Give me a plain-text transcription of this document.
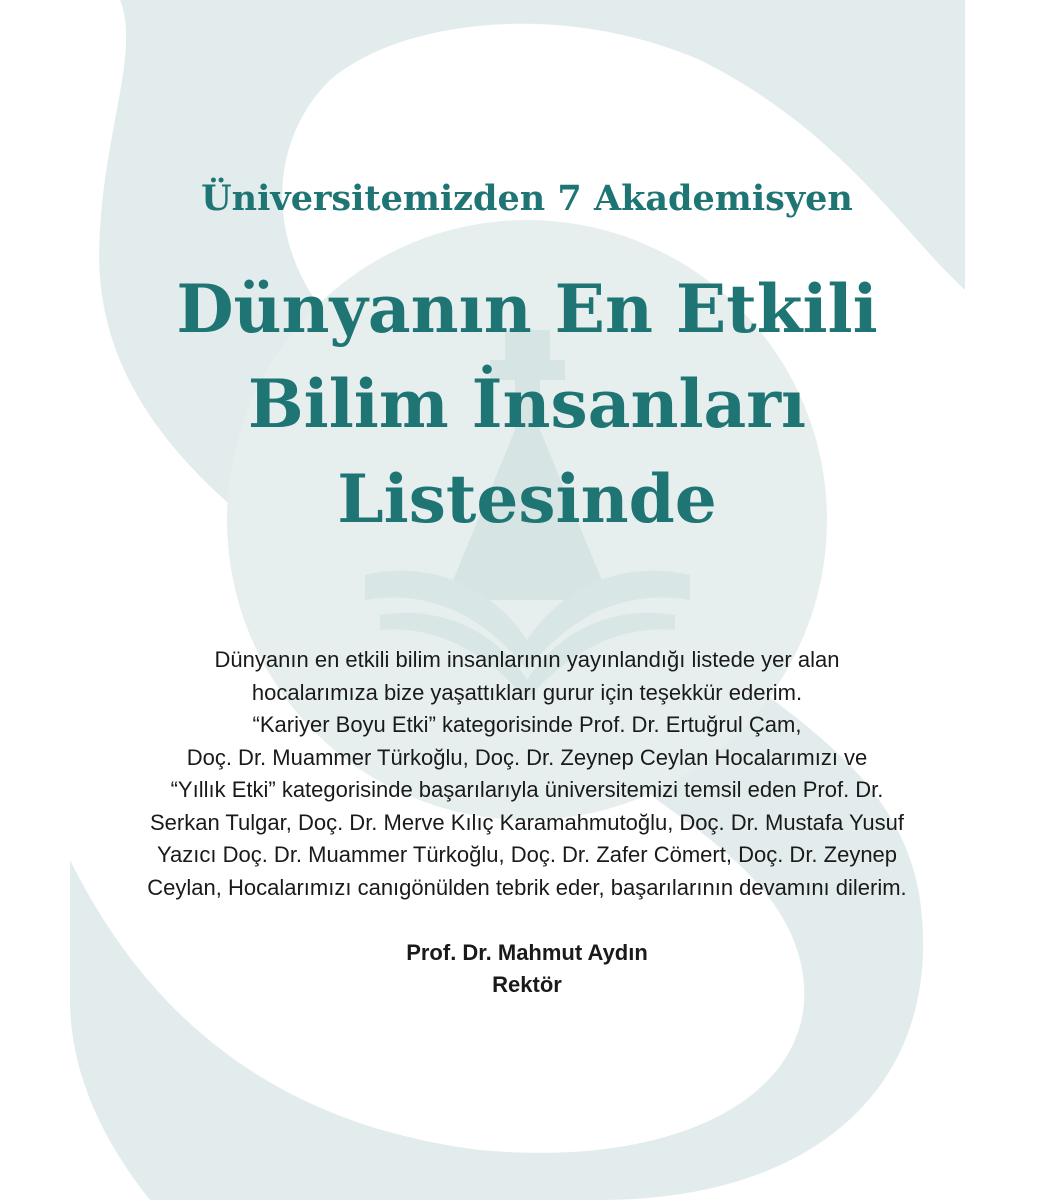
Üniversitemizden 7 Akademisyen
Dünyanın En Etkili
Bilim İnsanları
Listesinde
Dünyanın en etkili bilim insanlarının yayınlandığı listede yer alan
hocalarımıza bize yaşattıkları gurur için teşekkür ederim.
“Kariyer Boyu Etki” kategorisinde Prof. Dr. Ertuğrul Çam,
Doç. Dr. Muammer Türkoğlu, Doç. Dr. Zeynep Ceylan Hocalarımızı ve
“Yıllık Etki” kategorisinde başarılarıyla üniversitemizi temsil eden Prof. Dr.
Serkan Tulgar, Doç. Dr. Merve Kılıç Karamahmutoğlu, Doç. Dr. Mustafa Yusuf
Yazıcı Doç. Dr. Muammer Türkoğlu, Doç. Dr. Zafer Cömert, Doç. Dr. Zeynep
Ceylan, Hocalarımızı canıgönülden tebrik eder, başarılarının devamını dilerim.
Prof. Dr. Mahmut Aydın
Rektör
